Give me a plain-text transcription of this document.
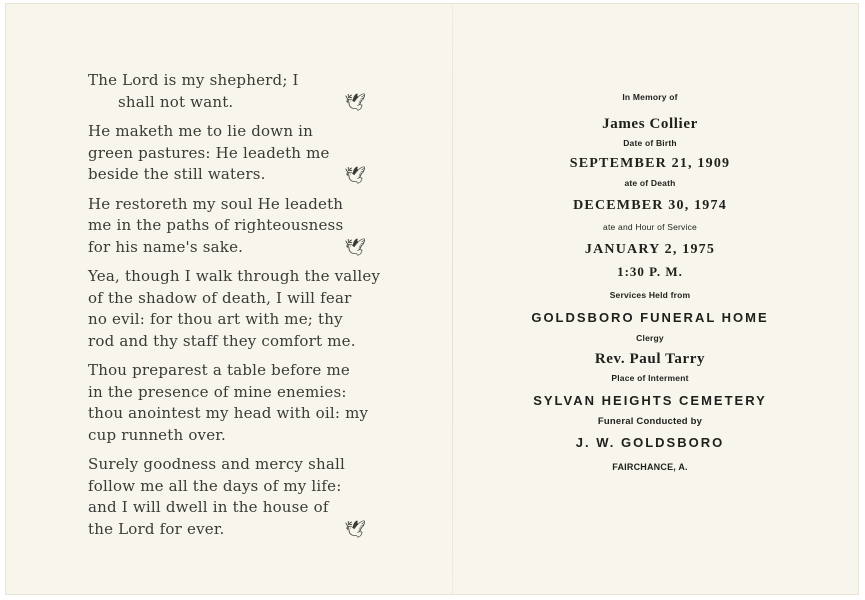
The Lord is my shepherd; I
shall not want.	🕊
He maketh me to lie down in
green pastures: He leadeth me
beside the still waters.	🕊
He restoreth my soul He leadeth
me in the paths of righteousness
for his name's sake.	🕊
Yea, though I walk through the valley
of the shadow of death, I will fear
no evil: for thou art with me; thy
rod and thy staff they comfort me.
Thou preparest a table before me
in the presence of mine enemies:
thou anointest my head with oil: my
cup runneth over.
Surely goodness and mercy shall
follow me all the days of my life:
and I will dwell in the house of
the Lord for ever.	🕊
In Memory of
James Collier
Date of Birth
SEPTEMBER 21, 1909
ate of Death
DECEMBER 30, 1974
ate and Hour of Service
JANUARY 2, 1975
1:30 P. M.
Services Held from
GOLDSBORO FUNERAL HOME
Clergy
Rev. Paul Tarry
Place of Interment
SYLVAN HEIGHTS CEMETERY
Funeral Conducted by
J. W. GOLDSBORO
FAIRCHANCE, A.
